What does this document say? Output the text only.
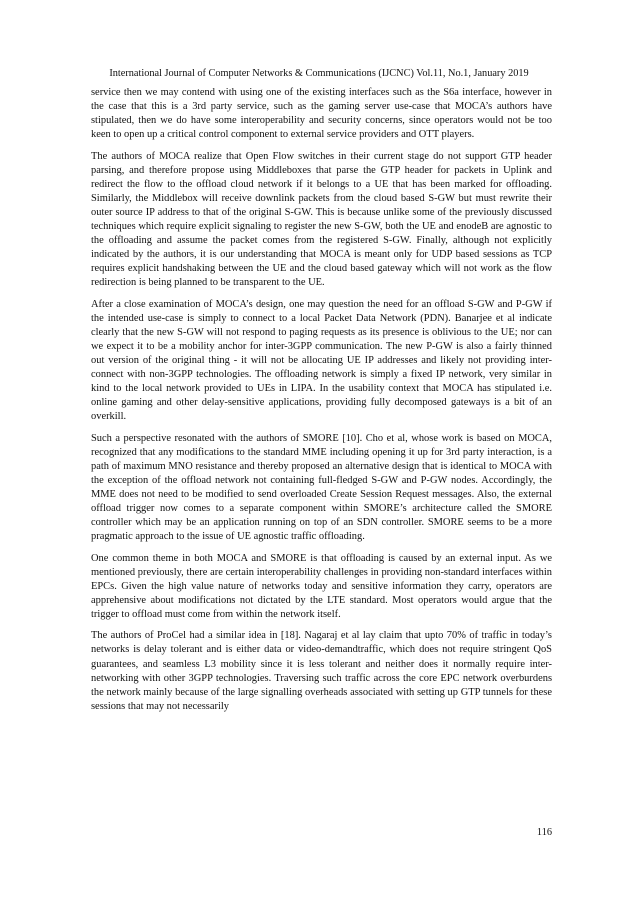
International Journal of Computer Networks & Communications (IJCNC) Vol.11, No.1, January 2019

service then we may contend with using one of the existing interfaces such as the S6a interface, however in the case that this is a 3rd party service, such as the gaming server use-case that MOCA’s authors have stipulated, then we do have some interoperability and security concerns, since operators would not be too keen to open up a critical control component to external service providers and OTT players.

The authors of MOCA realize that Open Flow switches in their current stage do not support GTP header parsing, and therefore propose using Middleboxes that parse the GTP header for packets in Uplink and redirect the flow to the offload cloud network if it belongs to a UE that has been marked for offloading. Similarly, the Middlebox will receive downlink packets from the cloud based S-GW but must rewrite their outer source IP address to that of the original S-GW. This is because unlike some of the previously discussed techniques which require explicit signaling to register the new S-GW, both the UE and enodeB are agnostic to the offloading and assume the packet comes from the registered S-GW. Finally, although not explicitly indicated by the authors, it is our understanding that MOCA is meant only for UDP based sessions as TCP requires explicit handshaking between the UE and the cloud based gateway which will not work as the flow redirection is being planned to be transparent to the UE.

After a close examination of MOCA’s design, one may question the need for an offload S-GW and P-GW if the intended use-case is simply to connect to a local Packet Data Network (PDN). Banarjee et al indicate clearly that the new S-GW will not respond to paging requests as its presence is oblivious to the UE; nor can we expect it to be a mobility anchor for inter-3GPP communication. The new P-GW is also a fairly thinned out version of the original thing - it will not be allocating UE IP addresses and likely not providing inter-connect with non-3GPP technologies. The offloading network is simply a fixed IP network, very similar in kind to the local network provided to UEs in LIPA. In the usability context that MOCA has stipulated i.e. online gaming and other delay-sensitive applications, providing fully decomposed gateways is a bit of an overkill.

Such a perspective resonated with the authors of SMORE [10]. Cho et al, whose work is based on MOCA, recognized that any modifications to the standard MME including opening it up for 3rd party interaction, is a path of maximum MNO resistance and thereby proposed an alternative design that is identical to MOCA with the exception of the offload network not containing full-fledged S-GW and P-GW nodes. Accordingly, the MME does not need to be modified to send overloaded Create Session Request messages. Also, the external offload trigger now comes to a separate component within SMORE’s architecture called the SMORE controller which may be an application running on top of an SDN controller. SMORE seems to be a more pragmatic approach to the issue of UE agnostic traffic offloading.

One common theme in both MOCA and SMORE is that offloading is caused by an external input. As we mentioned previously, there are certain interoperability challenges in providing non-standard interfaces within EPCs. Given the high value nature of networks today and sensitive information they carry, operators are apprehensive about modifications not dictated by the LTE standard. Most operators would argue that the trigger to offload must come from within the network itself.

The authors of ProCel had a similar idea in [18]. Nagaraj et al lay claim that upto 70% of traffic in today’s networks is delay tolerant and is either data or video-demandtraffic, which does not require stringent QoS guarantees, and seamless L3 mobility since it is less tolerant and neither does it normally require inter-networking with other 3GPP technologies. Traversing such traffic across the core EPC network overburdens the network mainly because of the large signalling overheads associated with setting up GTP tunnels for these sessions that may not necessarily

116
